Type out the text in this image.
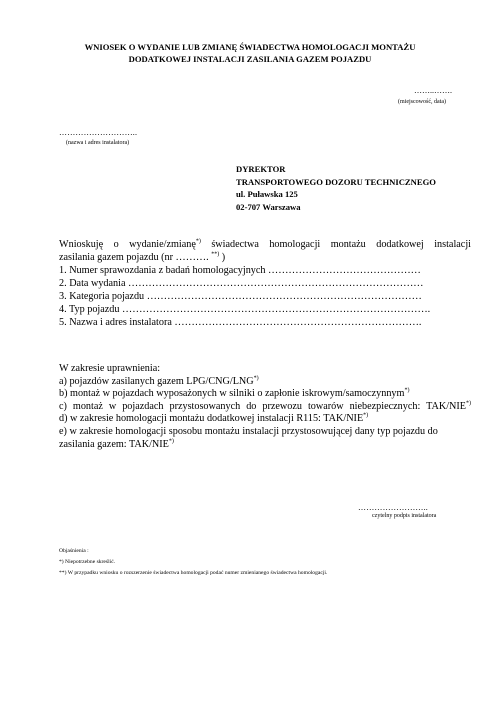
WNIOSEK O WYDANIE LUB ZMIANĘ ŚWIADECTWA HOMOLOGACJI MONTAŻU
DODATKOWEJ INSTALACJI ZASILANIA GAZEM POJAZDU
……..…….
(miejscowość, data)
………………………..
(nazwa i adres instalatora)
DYREKTOR
TRANSPORTOWEGO DOZORU TECHNICZNEGO
ul. Puławska 125
02-707 Warszawa
Wnioskuję o wydanie/zmianę*) świadectwa homologacji montażu dodatkowej instalacji
zasilania gazem pojazdu (nr ………. **) )
1. Numer sprawozdania z badań homologacyjnych ………………………………………
2. Data wydania ……………………………………………………………………………
3. Kategoria pojazdu ………………………………………………………………………
4. Typ pojazdu ……………………………………………………………………………….
5. Nazwa i adres instalatora ……………………………………………………………….
W zakresie uprawnienia:
a) pojazdów zasilanych gazem LPG/CNG/LNG*)
b) montaż w pojazdach wyposażonych w silniki o zapłonie iskrowym/samoczynnym*)
c) montaż w pojazdach przystosowanych do przewozu towarów niebezpiecznych: TAK/NIE*)
d) w zakresie homologacji montażu dodatkowej instalacji R115: TAK/NIE*)
e) w zakresie homologacji sposobu montażu instalacji przystosowującej dany typ pojazdu do
zasilania gazem: TAK/NIE*)
……………………..
czytelny podpis instalatora
Objaśnienia :
*) Niepotrzebne skreślić.
**) W przypadku wniosku o rozszerzenie świadectwa homologacji podać numer zmienianego świadectwa homologacji.
